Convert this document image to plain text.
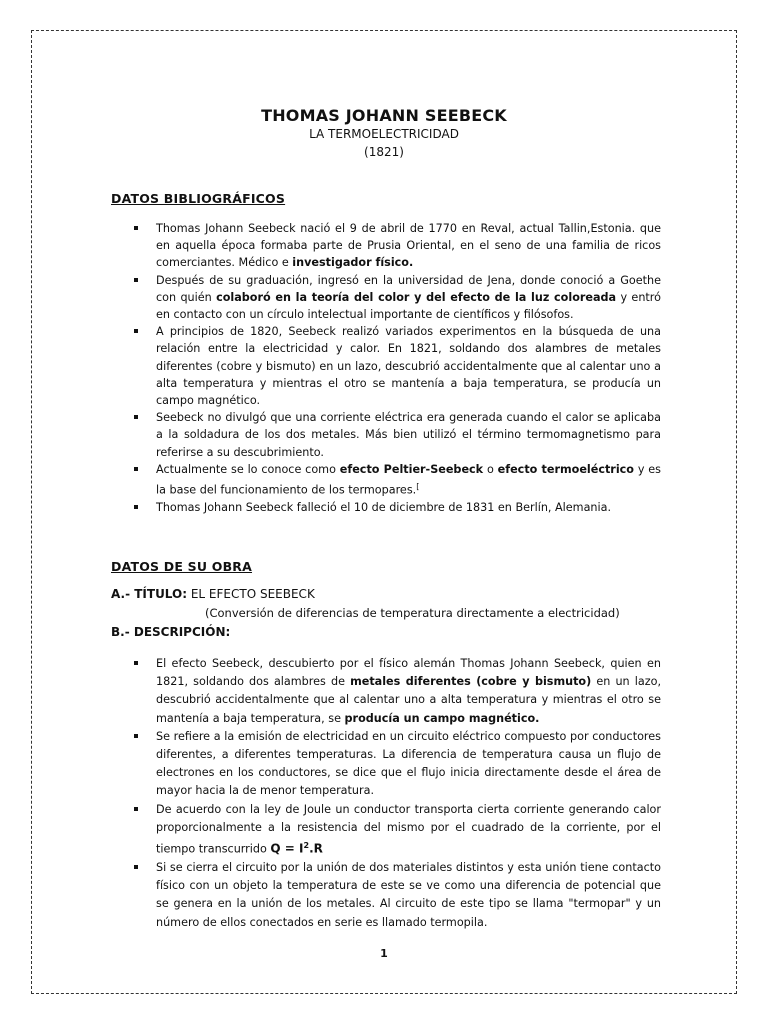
THOMAS JOHANN SEEBECK
LA TERMOELECTRICIDAD
(1821)
DATOS BIBLIOGRÁFICOS
Thomas Johann Seebeck nació el 9 de abril de 1770 en Reval, actual Tallin,Estonia. que en aquella época formaba parte de Prusia Oriental, en el seno de una familia de ricos comerciantes. Médico e investigador físico.
Después de su graduación, ingresó en la universidad de Jena, donde conoció a Goethe con quién colaboró en la teoría del color y del efecto de la luz coloreada y entró en contacto con un círculo intelectual importante de científicos y filósofos.
A principios de 1820, Seebeck realizó variados experimentos en la búsqueda de una relación entre la electricidad y calor. En 1821, soldando dos alambres de metales diferentes (cobre y bismuto) en un lazo, descubrió accidentalmente que al calentar uno a alta temperatura y mientras el otro se mantenía a baja temperatura, se producía un campo magnético.
Seebeck no divulgó que una corriente eléctrica era generada cuando el calor se aplicaba a la soldadura de los dos metales. Más bien utilizó el término termomagnetismo para referirse a su descubrimiento.
Actualmente se lo conoce como efecto Peltier-Seebeck o efecto termoeléctrico y es la base del funcionamiento de los termopares.[
Thomas Johann Seebeck falleció el 10 de diciembre de 1831 en Berlín, Alemania.
DATOS DE SU OBRA
A.- TÍTULO: EL EFECTO SEEBECK
(Conversión de diferencias de temperatura directamente a electricidad)
B.- DESCRIPCIÓN:
El efecto Seebeck, descubierto por el físico alemán Thomas Johann Seebeck, quien en 1821, soldando dos alambres de metales diferentes (cobre y bismuto) en un lazo, descubrió accidentalmente que al calentar uno a alta temperatura y mientras el otro se mantenía a baja temperatura, se producía un campo magnético.
Se refiere a la emisión de electricidad en un circuito eléctrico compuesto por conductores diferentes, a diferentes temperaturas. La diferencia de temperatura causa un flujo de electrones en los conductores, se dice que el flujo inicia directamente desde el área de mayor hacia la de menor temperatura.
De acuerdo con la ley de Joule un conductor transporta cierta corriente generando calor proporcionalmente a la resistencia del mismo por el cuadrado de la corriente, por el tiempo transcurrido $Q = I^2.R$
Si se cierra el circuito por la unión de dos materiales distintos y esta unión tiene contacto físico con un objeto la temperatura de este se ve como una diferencia de potencial que se genera en la unión de los metales. Al circuito de este tipo se llama "termopar" y un número de ellos conectados en serie es llamado termopila.
1
